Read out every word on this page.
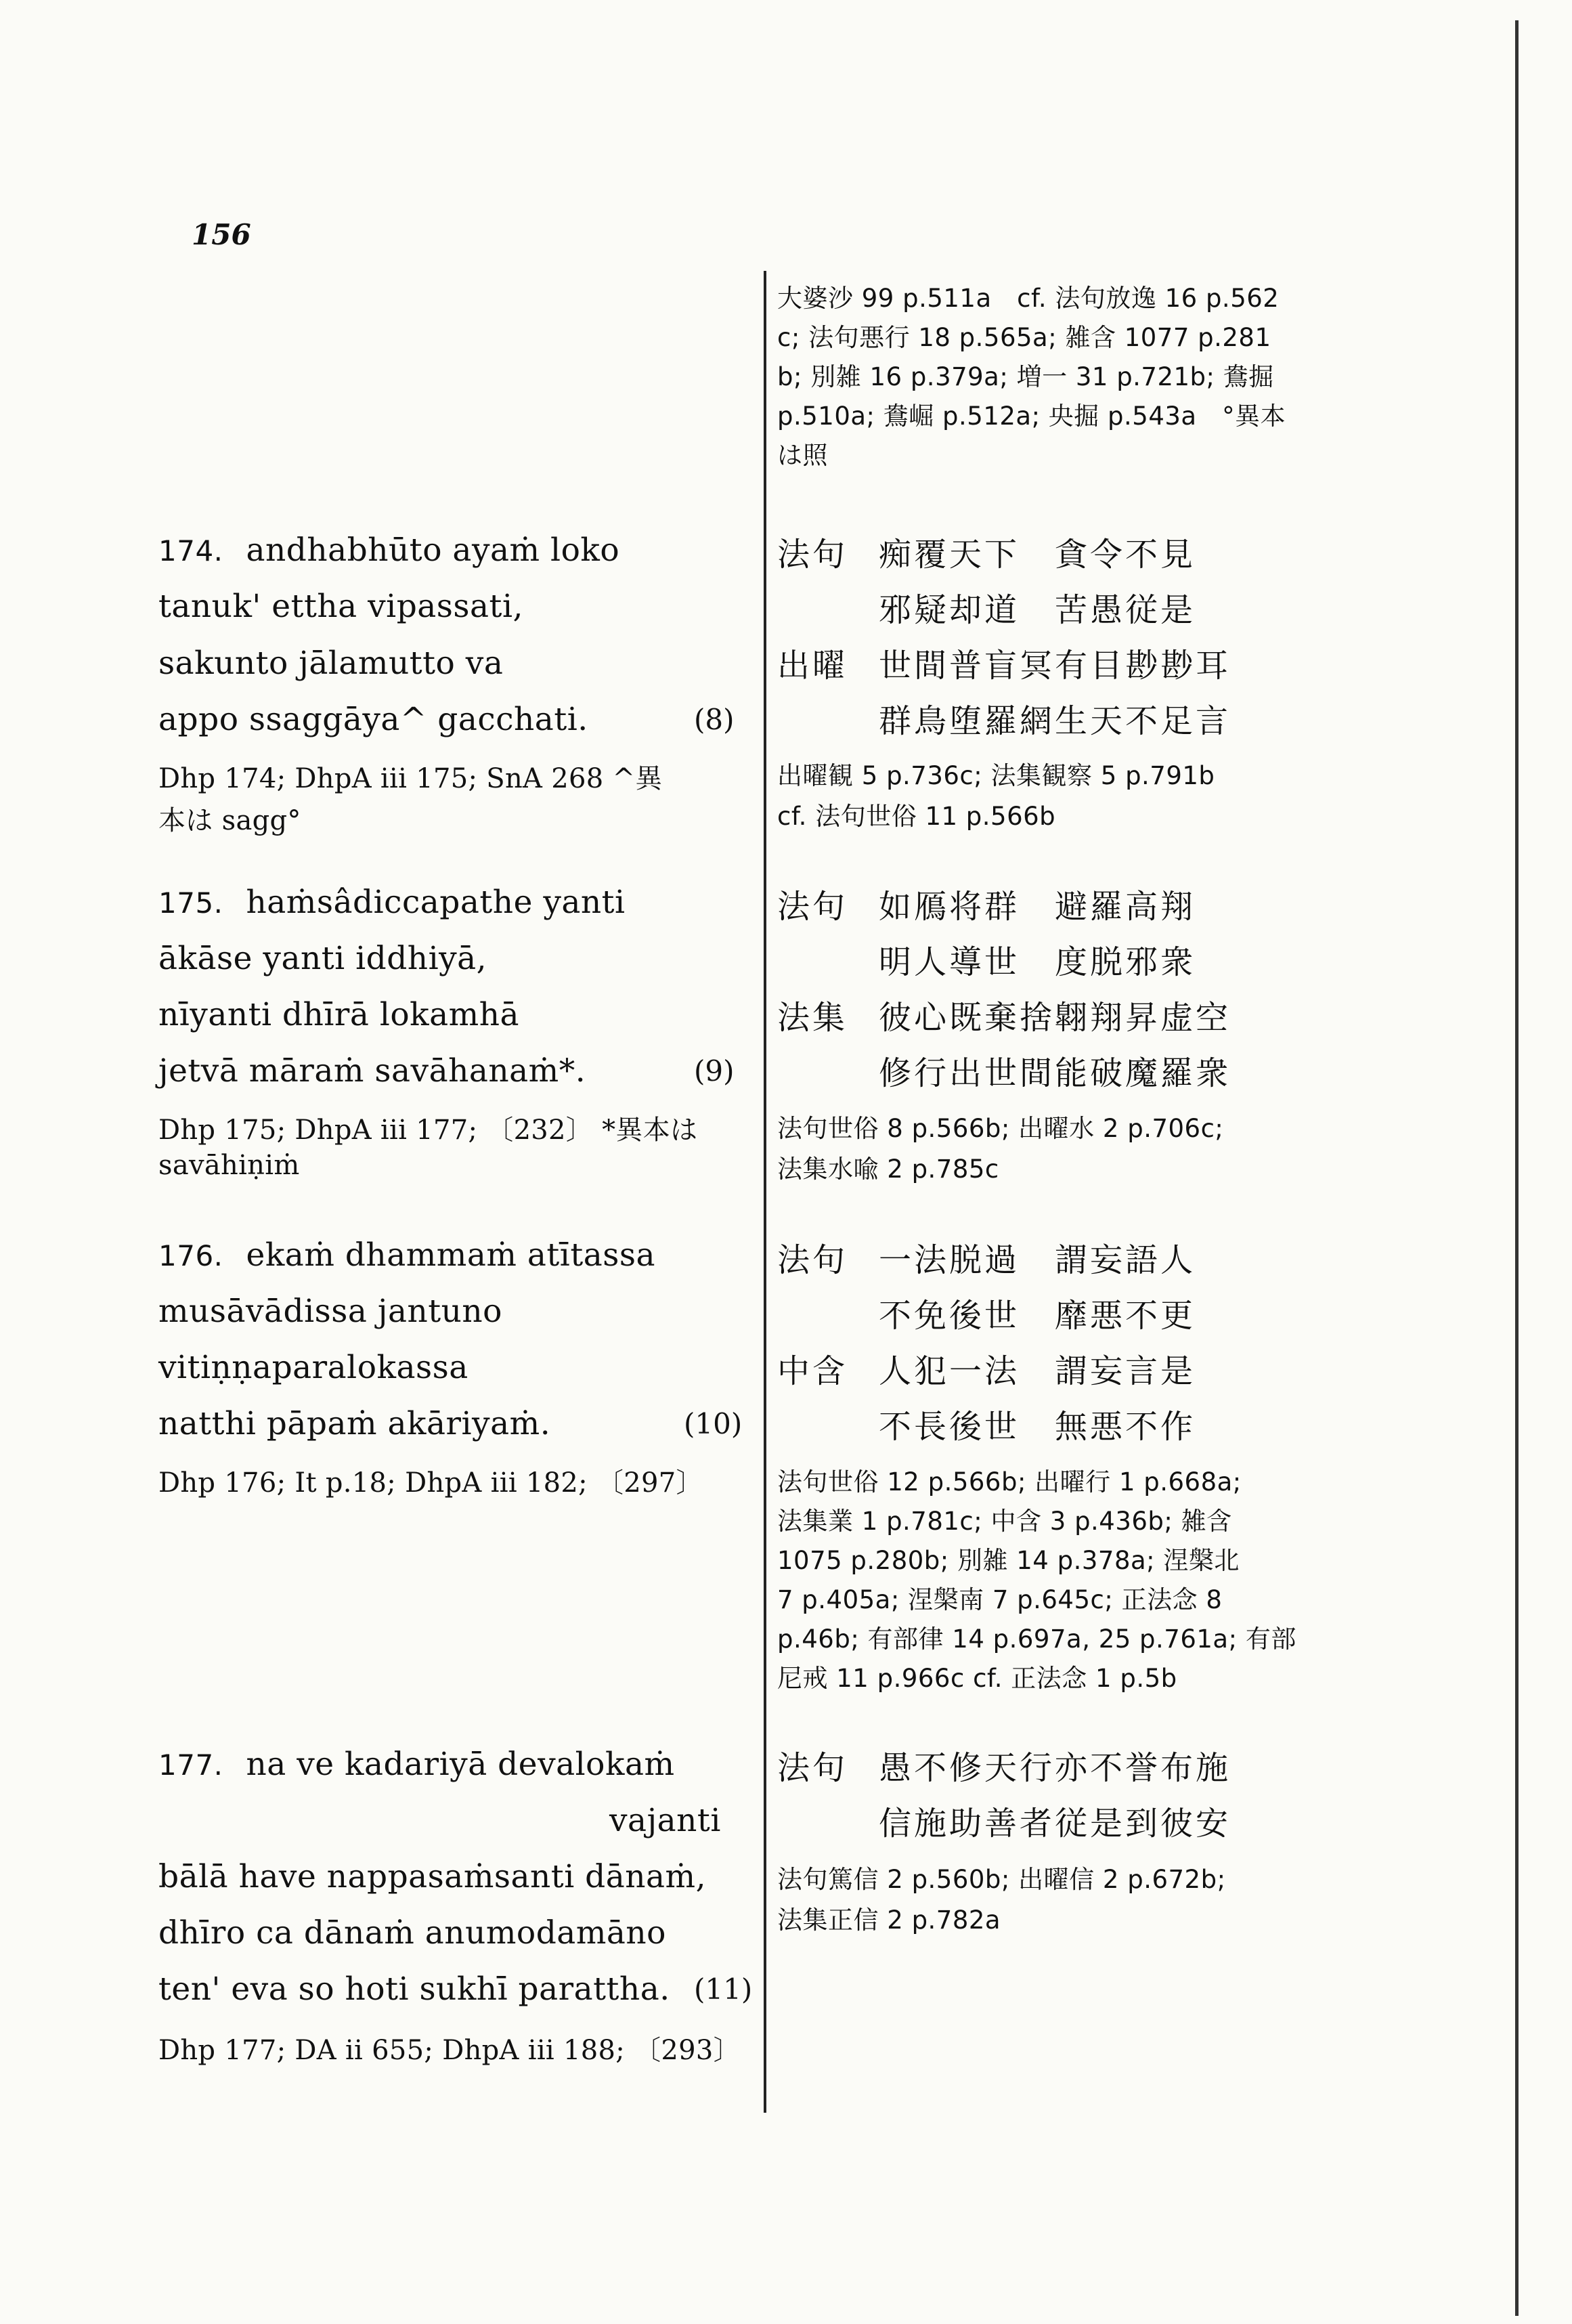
156
大婆沙 99 p.511a　cf. 法句放逸 16 p.562
c; 法句悪行 18 p.565a; 雑含 1077 p.281
b; 別雑 16 p.379a; 増一 31 p.721b; 鴦掘
p.510a; 鴦崛 p.512a; 央掘 p.543a　°異本
は照
174. andhabhūto ayaṁ loko
tanuk' ettha vipassati,
sakunto jālamutto va
appo ssaggāya^ gacchati.	(8)
Dhp 174; DhpA iii 175; SnA 268 ^異
本は sagg°
法句 痴覆天下 貪令不見
邪疑却道 苦愚従是
出曜 世間普盲冥有目尠尠耳
群鳥堕羅網生天不足言
出曜観 5 p.736c; 法集観察 5 p.791b
cf. 法句世俗 11 p.566b
175. haṁsâdiccapathe yanti
ākāse yanti iddhiyā,
nīyanti dhīrā lokamhā
jetvā māraṁ savāhanaṁ*.	(9)
Dhp 175; DhpA iii 177; 〔232〕 *異本は
savāhiṇiṁ
法句 如鴈将群 避羅高翔
明人導世 度脱邪衆
法集 彼心既棄捨翺翔昇虚空
修行出世間能破魔羅衆
法句世俗 8 p.566b; 出曜水 2 p.706c;
法集水喩 2 p.785c
176. ekaṁ dhammaṁ atītassa
musāvādissa jantuno
vitiṇṇaparalokassa
natthi pāpaṁ akāriyaṁ.	(10)
Dhp 176; It p.18; DhpA iii 182; 〔297〕
法句 一法脱過 謂妄語人
不免後世 靡悪不更
中含 人犯一法 謂妄言是
不長後世 無悪不作
法句世俗 12 p.566b; 出曜行 1 p.668a;
法集業 1 p.781c; 中含 3 p.436b; 雑含
1075 p.280b; 別雑 14 p.378a; 涅槃北
7 p.405a; 涅槃南 7 p.645c; 正法念 8
p.46b; 有部律 14 p.697a, 25 p.761a; 有部
尼戒 11 p.966c cf. 正法念 1 p.5b
177. na ve kadariyā devalokaṁ
vajanti
bālā have nappasaṁsanti dānaṁ,
dhīro ca dānaṁ anumodamāno
ten' eva so hoti sukhī parattha. (11)
Dhp 177; DA ii 655; DhpA iii 188; 〔293〕
法句 愚不修天行亦不誉布施
信施助善者従是到彼安
法句篤信 2 p.560b; 出曜信 2 p.672b;
法集正信 2 p.782a
